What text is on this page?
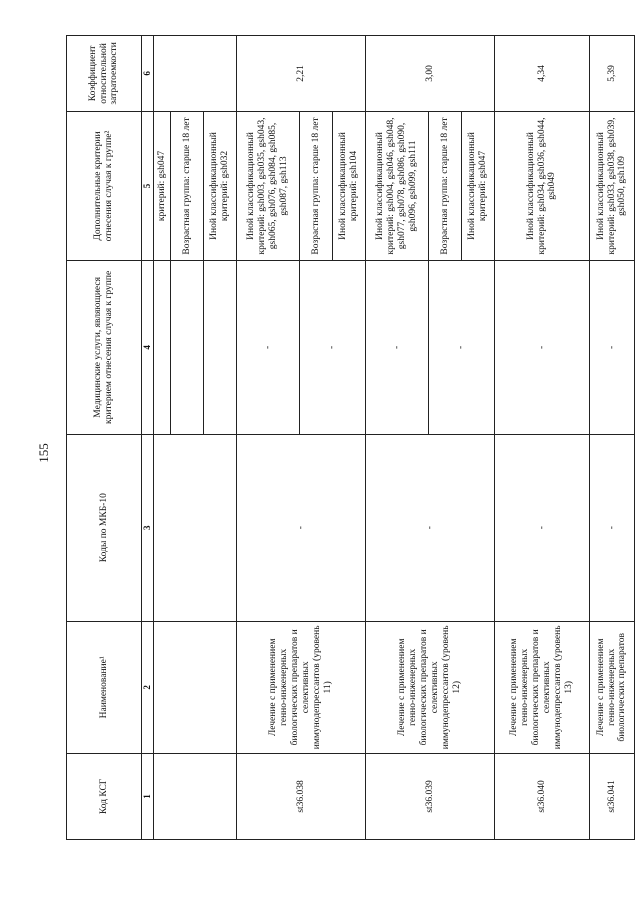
155
Код КСГ	Наименование¹	Коды по МКБ-10	Медицинские услуги, являющиеся критерием отнесения случая к группе	Дополнительные критерии отнесения случая к группе²	Коэффициент относительной затратоемкости
1	2	3	4	5	6
				критерий: gsh047	
				Возрастная группа: старше 18 лет	
				Иной классификационный критерий: gsh032	
st36.038	Лечение с применением генно-инженерных биологических препаратов и селективных иммунодепрессантов (уровень 11)	-	-	Иной классификационный критерий: gsh003, gsh035, gsh043, gsh065, gsh076, gsh084, gsh085, gsh087, gsh113	2,21
			-	Возрастная группа: старше 18 лет	
				Иной классификационный критерий: gsh104	
st36.039	Лечение с применением генно-инженерных биологических препаратов и селективных иммунодепрессантов (уровень 12)	-	-	Иной классификационный критерий: gsh004, gsh046, gsh048, gsh077, gsh078, gsh086, gsh090, gsh096, gsh099, gsh111	3,00
			-	Возрастная группа: старше 18 лет	
				Иной классификационный критерий: gsh047	
st36.040	Лечение с применением генно-инженерных биологических препаратов и селективных иммунодепрессантов (уровень 13)	-	-	Иной классификационный критерий: gsh034, gsh036, gsh044, gsh049	4,34
st36.041	Лечение с применением генно-инженерных биологических препаратов	-	-	Иной классификационный критерий: gsh033, gsh038, gsh039, gsh050, gsh109	5,39
